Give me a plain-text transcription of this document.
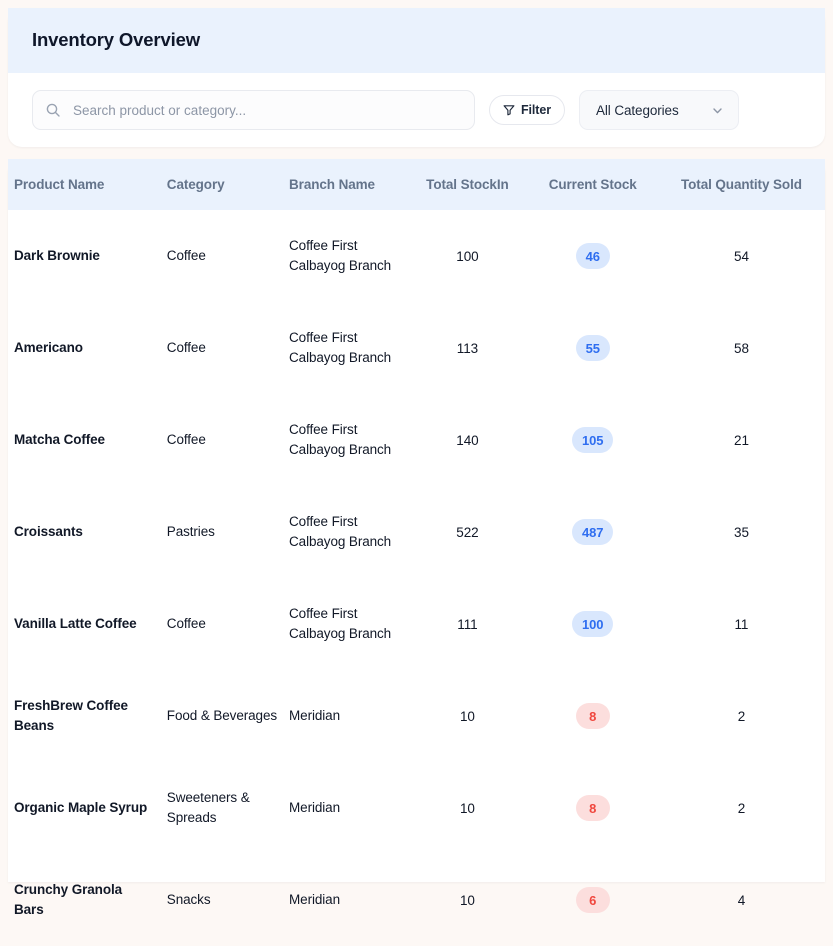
Inventory Overview
Search product or category...
Filter	All Categories
Product Name	Category	Branch Name	Total StockIn	Current Stock	Total Quantity Sold
Dark Brownie	Coffee	Coffee First Calbayog Branch	100	46	54
Americano	Coffee	Coffee First Calbayog Branch	113	55	58
Matcha Coffee	Coffee	Coffee First Calbayog Branch	140	105	21
Croissants	Pastries	Coffee First Calbayog Branch	522	487	35
Vanilla Latte Coffee	Coffee	Coffee First Calbayog Branch	111	100	11
FreshBrew Coffee Beans	Food & Beverages	Meridian	10	8	2
Organic Maple Syrup	Sweeteners & Spreads	Meridian	10	8	2
Crunchy Granola Bars	Snacks	Meridian	10	6	4
